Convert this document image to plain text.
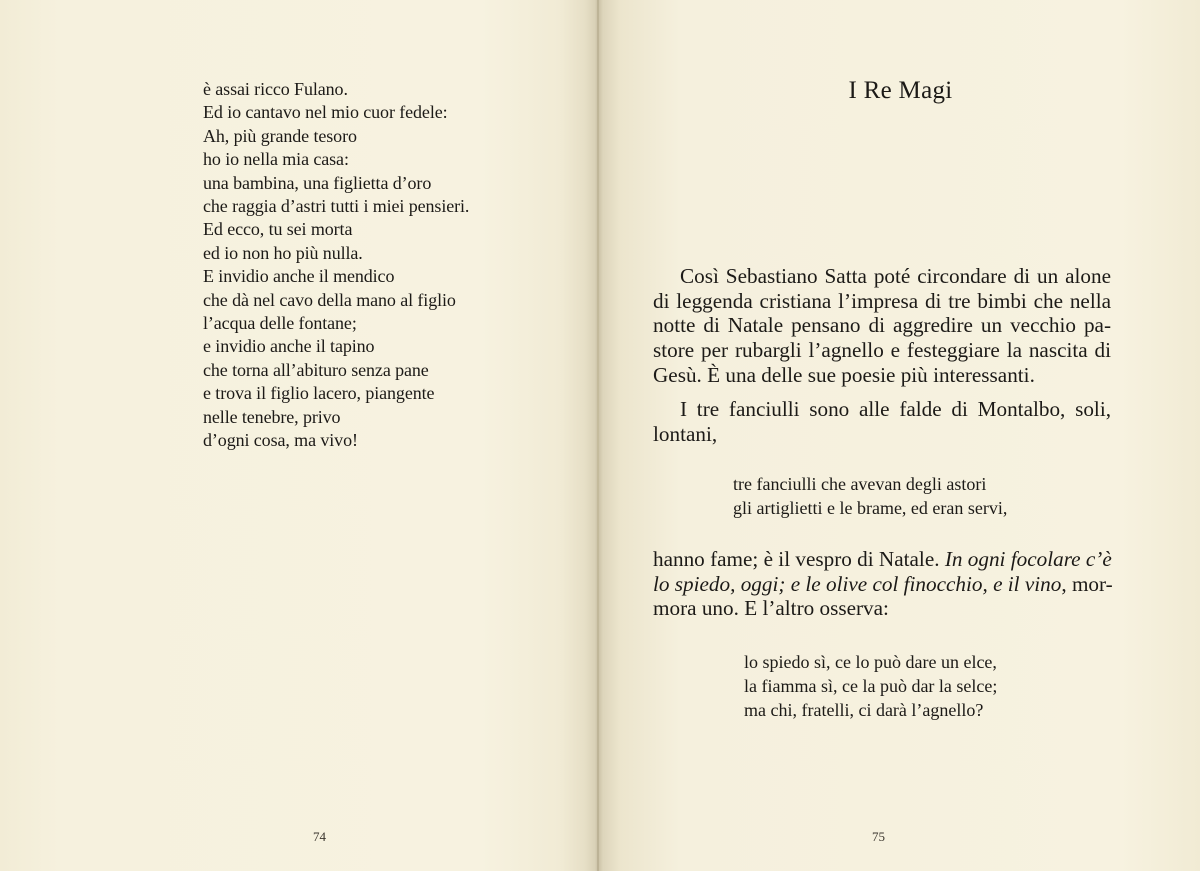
è assai ricco Fulano.
Ed io cantavo nel mio cuor fedele:
Ah, più grande tesoro
ho io nella mia casa:
una bambina, una figlietta d’oro
che raggia d’astri tutti i miei pensieri.
Ed ecco, tu sei morta
ed io non ho più nulla.
E invidio anche il mendico
che dà nel cavo della mano al figlio
l’acqua delle fontane;
e invidio anche il tapino
che torna all’abituro senza pane
e trova il figlio lacero, piangente
nelle tenebre, privo
d’ogni cosa, ma vivo!
74
I Re Magi

Così Sebastiano Satta poté circondare di un alone
di leggenda cristiana l’impresa di tre bimbi che nella
notte di Natale pensano di aggredire un vecchio pa-
store per rubargli l’agnello e festeggiare la nascita di
Gesù. È una delle sue poesie più interessanti.

I tre fanciulli sono alle falde di Montalbo, soli,
lontani,

tre fanciulli che avevan degli astori
gli artiglietti e le brame, ed eran servi,

hanno fame; è il vespro di Natale. In ogni focolare c’è
lo spiedo, oggi; e le olive col finocchio, e il vino, mor-
mora uno. E l’altro osserva:

lo spiedo sì, ce lo può dare un elce,
la fiamma sì, ce la può dar la selce;
ma chi, fratelli, ci darà l’agnello?
75
